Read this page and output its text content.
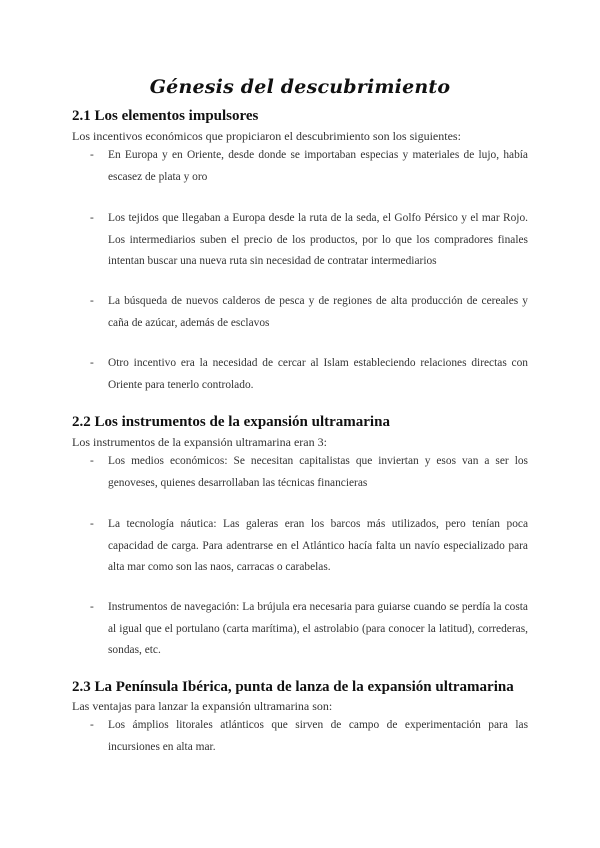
Génesis del descubrimiento
2.1 Los elementos impulsores
Los incentivos económicos que propiciaron el descubrimiento son los siguientes:
- En Europa y en Oriente, desde donde se importaban especias y materiales de lujo, había escasez de plata y oro
- Los tejidos que llegaban a Europa desde la ruta de la seda, el Golfo Pérsico y el mar Rojo. Los intermediarios suben el precio de los productos, por lo que los compradores finales intentan buscar una nueva ruta sin necesidad de contratar intermediarios
- La búsqueda de nuevos calderos de pesca y de regiones de alta producción de cereales y caña de azúcar, además de esclavos
- Otro incentivo era la necesidad de cercar al Islam estableciendo relaciones directas con Oriente para tenerlo controlado.
2.2 Los instrumentos de la expansión ultramarina
Los instrumentos de la expansión ultramarina eran 3:
- Los medios económicos: Se necesitan capitalistas que inviertan y esos van a ser los genoveses, quienes desarrollaban las técnicas financieras
- La tecnología náutica: Las galeras eran los barcos más utilizados, pero tenían poca capacidad de carga. Para adentrarse en el Atlántico hacía falta un navío especializado para alta mar como son las naos, carracas o carabelas.
- Instrumentos de navegación: La brújula era necesaria para guiarse cuando se perdía la costa al igual que el portulano (carta marítima), el astrolabio (para conocer la latitud), correderas, sondas, etc.
2.3 La Península Ibérica, punta de lanza de la expansión ultramarina
Las ventajas para lanzar la expansión ultramarina son:
- Los ámplios litorales atlánticos que sirven de campo de experimentación para las incursiones en alta mar.
